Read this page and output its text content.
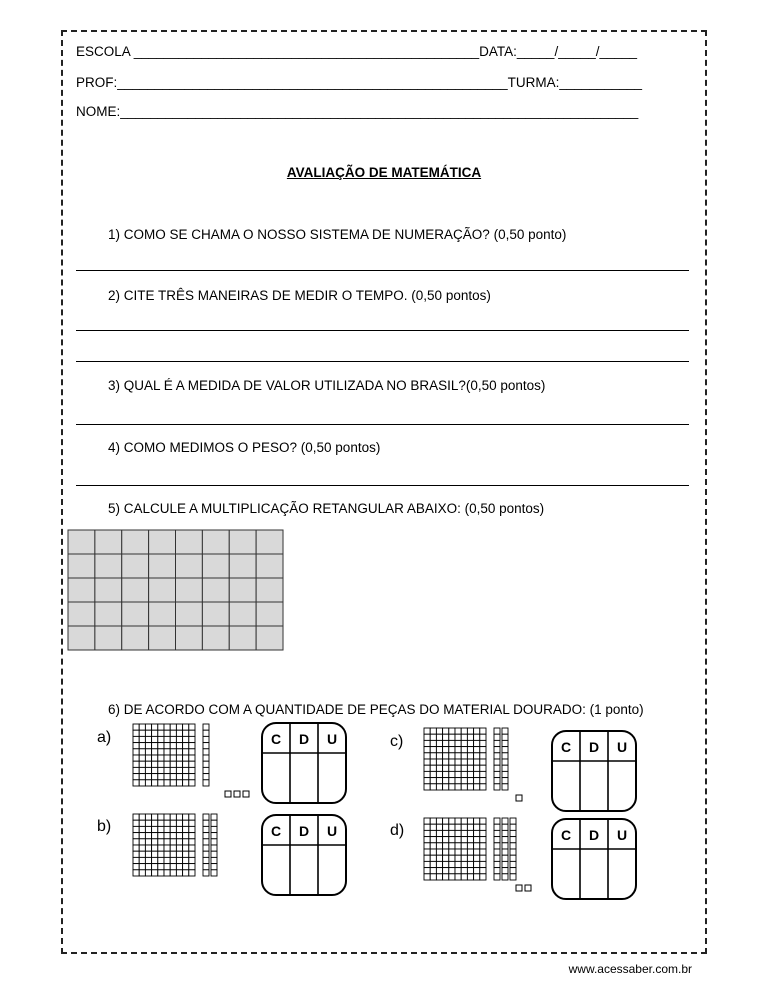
ESCOLA ______________________________________________DATA:_____/_____/_____
PROF:____________________________________________________TURMA:___________
NOME:_____________________________________________________________________
AVALIAÇÃO DE MATEMÁTICA
1) COMO SE CHAMA O NOSSO SISTEMA DE NUMERAÇÃO? (0,50 ponto)
2) CITE TRÊS MANEIRAS DE MEDIR O TEMPO. (0,50 pontos)
3) QUAL É A MEDIDA DE VALOR UTILIZADA NO BRASIL?(0,50 pontos)
4) COMO MEDIMOS O PESO? (0,50 pontos)
5) CALCULE A MULTIPLICAÇÃO RETANGULAR ABAIXO: (0,50 pontos)
6) DE ACORDO COM A QUANTIDADE DE PEÇAS DO MATERIAL DOURADO: (1 ponto)
a)
b)
c)
d)
C D U
C D U
C D U
C D U
www.acessaber.com.br
